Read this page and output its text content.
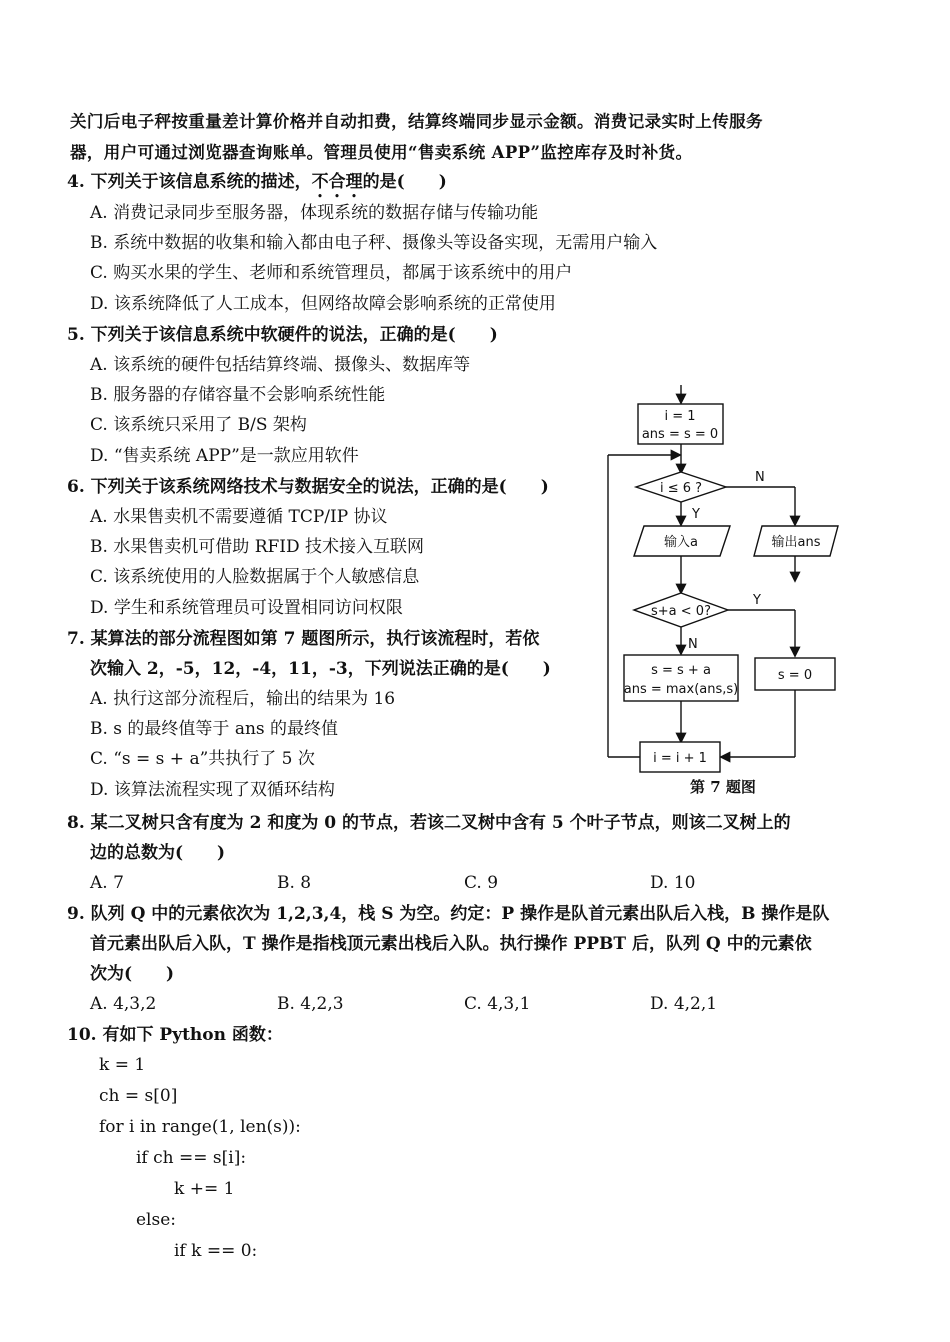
关门后电子秤按重量差计算价格并自动扣费，结算终端同步显示金额。消费记录实时上传服务
器，用户可通过浏览器查询账单。管理员使用“售卖系统 APP”监控库存及时补货。
4. 下列关于该信息系统的描述，不合理的是(　　)
A. 消费记录同步至服务器，体现系统的数据存储与传输功能
B. 系统中数据的收集和输入都由电子秤、摄像头等设备实现，无需用户输入
C. 购买水果的学生、老师和系统管理员，都属于该系统中的用户
D. 该系统降低了人工成本，但网络故障会影响系统的正常使用
5. 下列关于该信息系统中软硬件的说法，正确的是(　　)
A. 该系统的硬件包括结算终端、摄像头、数据库等
B. 服务器的存储容量不会影响系统性能
C. 该系统只采用了 B/S 架构
D. “售卖系统 APP”是一款应用软件
6. 下列关于该系统网络技术与数据安全的说法，正确的是(　　)
A. 水果售卖机不需要遵循 TCP/IP 协议
B. 水果售卖机可借助 RFID 技术接入互联网
C. 该系统使用的人脸数据属于个人敏感信息
D. 学生和系统管理员可设置相同访问权限
7. 某算法的部分流程图如第 7 题图所示，执行该流程时，若依
次输入 2，-5，12，-4，11，-3，下列说法正确的是(　　)
A. 执行这部分流程后，输出的结果为 16
B. s 的最终值等于 ans 的最终值
C. “s = s + a”共执行了 5 次
D. 该算法流程实现了双循环结构
i = 1
ans = s = 0
i ≤ 6 ?
Y
N
输入a	输出ans
s+a < 0?
Y
N
s = s + a
ans = max(ans,s)
s = 0
i = i + 1
第 7 题图
8. 某二叉树只含有度为 2 和度为 0 的节点，若该二叉树中含有 5 个叶子节点，则该二叉树上的
边的总数为(　　)
A. 7	B. 8	C. 9	D. 10
9. 队列 Q 中的元素依次为 1,2,3,4，栈 S 为空。约定：P 操作是队首元素出队后入栈，B 操作是队
首元素出队后入队，T 操作是指栈顶元素出栈后入队。执行操作 PPBT 后，队列 Q 中的元素依
次为(　　)
A. 4,3,2	B. 4,2,3	C. 4,3,1	D. 4,2,1
10. 有如下 Python 函数：
k = 1
ch = s[0]
for i in range(1, len(s)):
if ch == s[i]:
k += 1
else:
if k == 0:
